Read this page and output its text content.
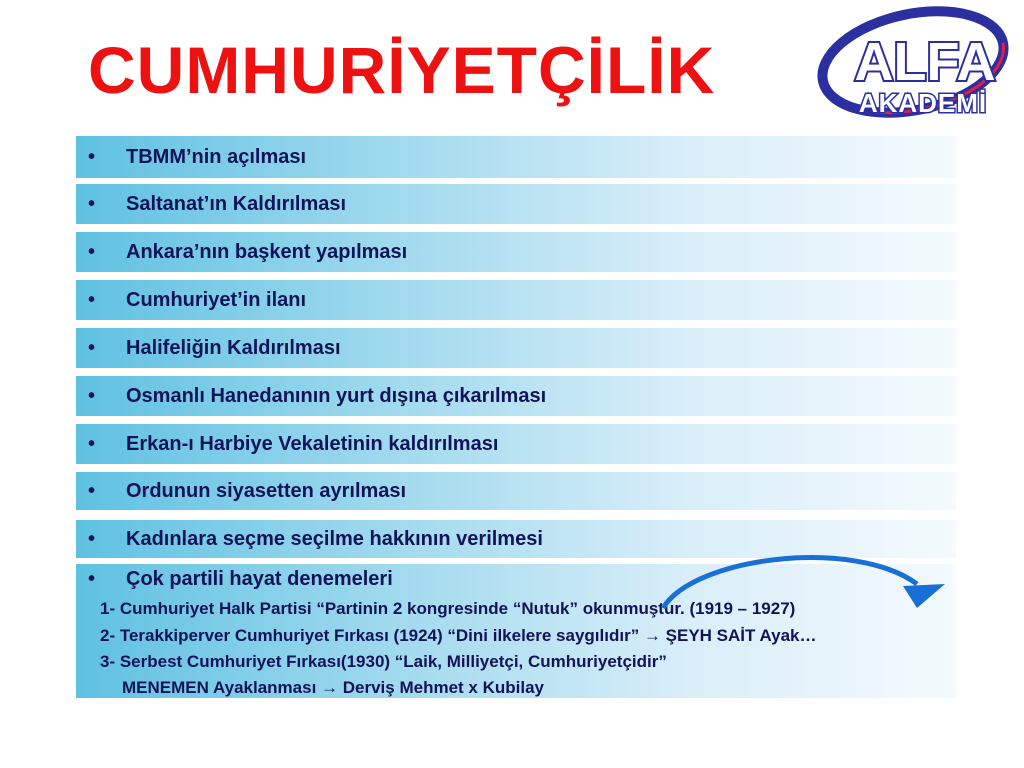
CUMHURİYETÇİLİK	ALFA
AKADEMİ
•	TBMM’nin açılması
•	Saltanat’ın Kaldırılması
•	Ankara’nın başkent yapılması
•	Cumhuriyet’in ilanı
•	Halifeliğin Kaldırılması
•	Osmanlı Hanedanının yurt dışına çıkarılması
•	Erkan-ı Harbiye Vekaletinin kaldırılması
•	Ordunun siyasetten ayrılması
•	Kadınlara seçme seçilme hakkının verilmesi
•	Çok partili hayat denemeleri
1- Cumhuriyet Halk Partisi “Partinin 2 kongresinde “Nutuk” okunmuştur. (1919 – 1927)
2- Terakkiperver Cumhuriyet Fırkası (1924) “Dini ilkelere saygılıdır” → ŞEYH SAİT Ayak…
3- Serbest Cumhuriyet Fırkası(1930) “Laik, Milliyetçi, Cumhuriyetçidir”
MENEMEN Ayaklanması → Derviş Mehmet x Kubilay
